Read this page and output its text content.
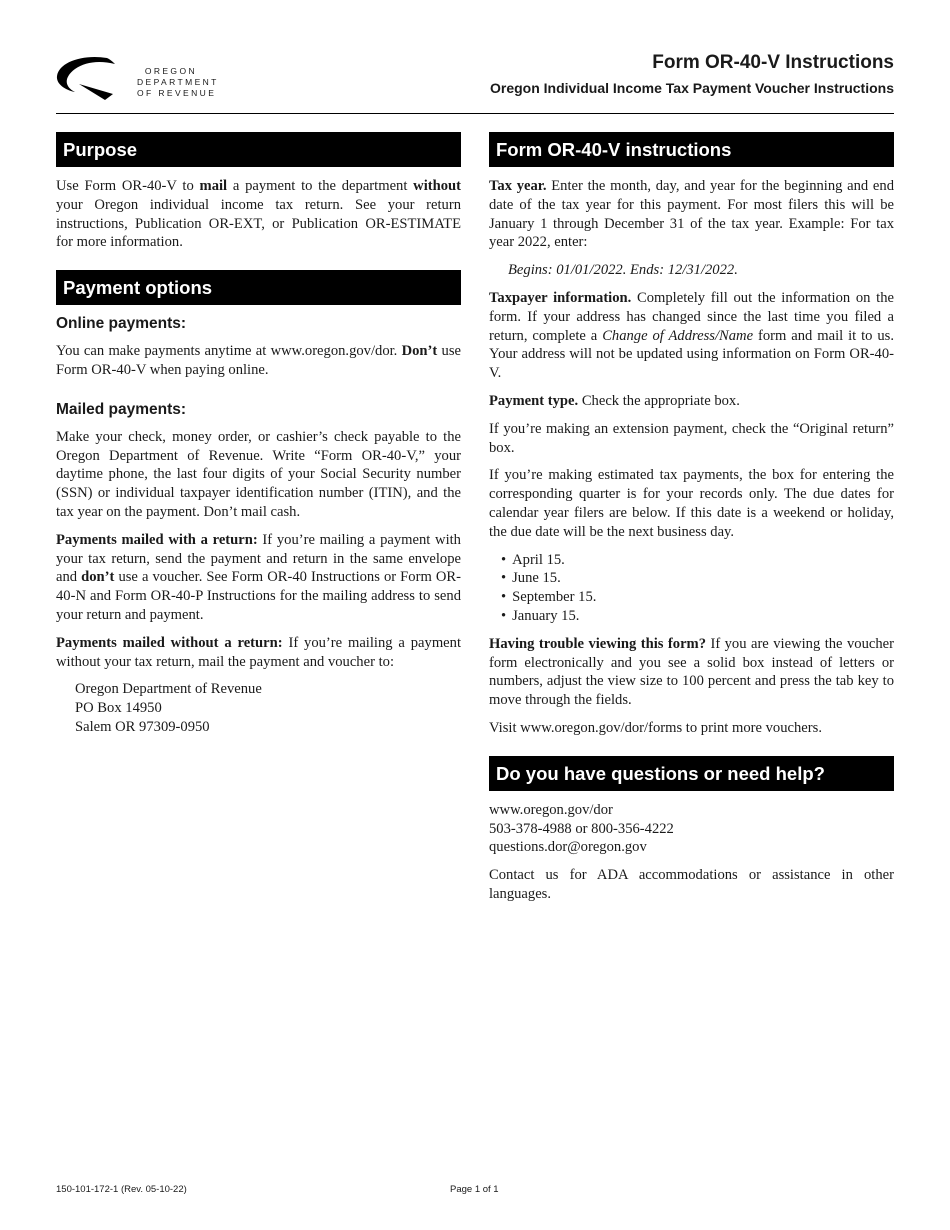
OREGON
DEPARTMENT
OF REVENUE
Form OR-40-V Instructions
Oregon Individual Income Tax Payment Voucher Instructions
Purpose

Use Form OR-40-V to mail a payment to the department without your Oregon individual income tax return. See your return instructions, Publication OR-EXT, or Publication OR-ESTIMATE for more information.

Payment options
Online payments:

You can make payments anytime at www.oregon.gov/dor. Don’t use Form OR-40-V when paying online.

Mailed payments:

Make your check, money order, or cashier’s check payable to the Oregon Department of Revenue. Write “Form OR-40-V,” your daytime phone, the last four digits of your Social Security number (SSN) or individual taxpayer identification number (ITIN), and the tax year on the payment. Don’t mail cash.

Payments mailed with a return: If you’re mailing a payment with your tax return, send the payment and return in the same envelope and don’t use a voucher. See Form OR-40 Instructions or Form OR-40-N and Form OR-40-P Instructions for the mailing address to send your return and payment.

Payments mailed without a return: If you’re mailing a payment without your tax return, mail the payment and voucher to:

Oregon Department of Revenue

PO Box 14950

Salem OR 97309-0950

Form OR-40-V instructions

Tax year. Enter the month, day, and year for the beginning and end date of the tax year for this payment. For most filers this will be January 1 through December 31 of the tax year. Example: For tax year 2022, enter:

Begins: 01/01/2022. Ends: 12/31/2022.

Taxpayer information. Completely fill out the information on the form. If your address has changed since the last time you filed a return, complete a Change of Address/Name form and mail it to us. Your address will not be updated using information on Form OR-40-V.

Payment type. Check the appropriate box.

If you’re making an extension payment, check the “Original return” box.

If you’re making estimated tax payments, the box for entering the corresponding quarter is for your records only. The due dates for calendar year filers are below. If this date is a weekend or holiday, the due date will be the next business day.

• April 15.
• June 15.
• September 15.
• January 15.

Having trouble viewing this form? If you are viewing the voucher form electronically and you see a solid box instead of letters or numbers, adjust the view size to 100 percent and press the tab key to move through the fields.

Visit www.oregon.gov/dor/forms to print more vouchers.

Do you have questions or need help?

www.oregon.gov/dor

503-378-4988 or 800-356-4222

questions.dor@oregon.gov

Contact us for ADA accommodations or assistance in other languages.

150-101-172-1 (Rev. 05-10-22)	Page 1 of 1
